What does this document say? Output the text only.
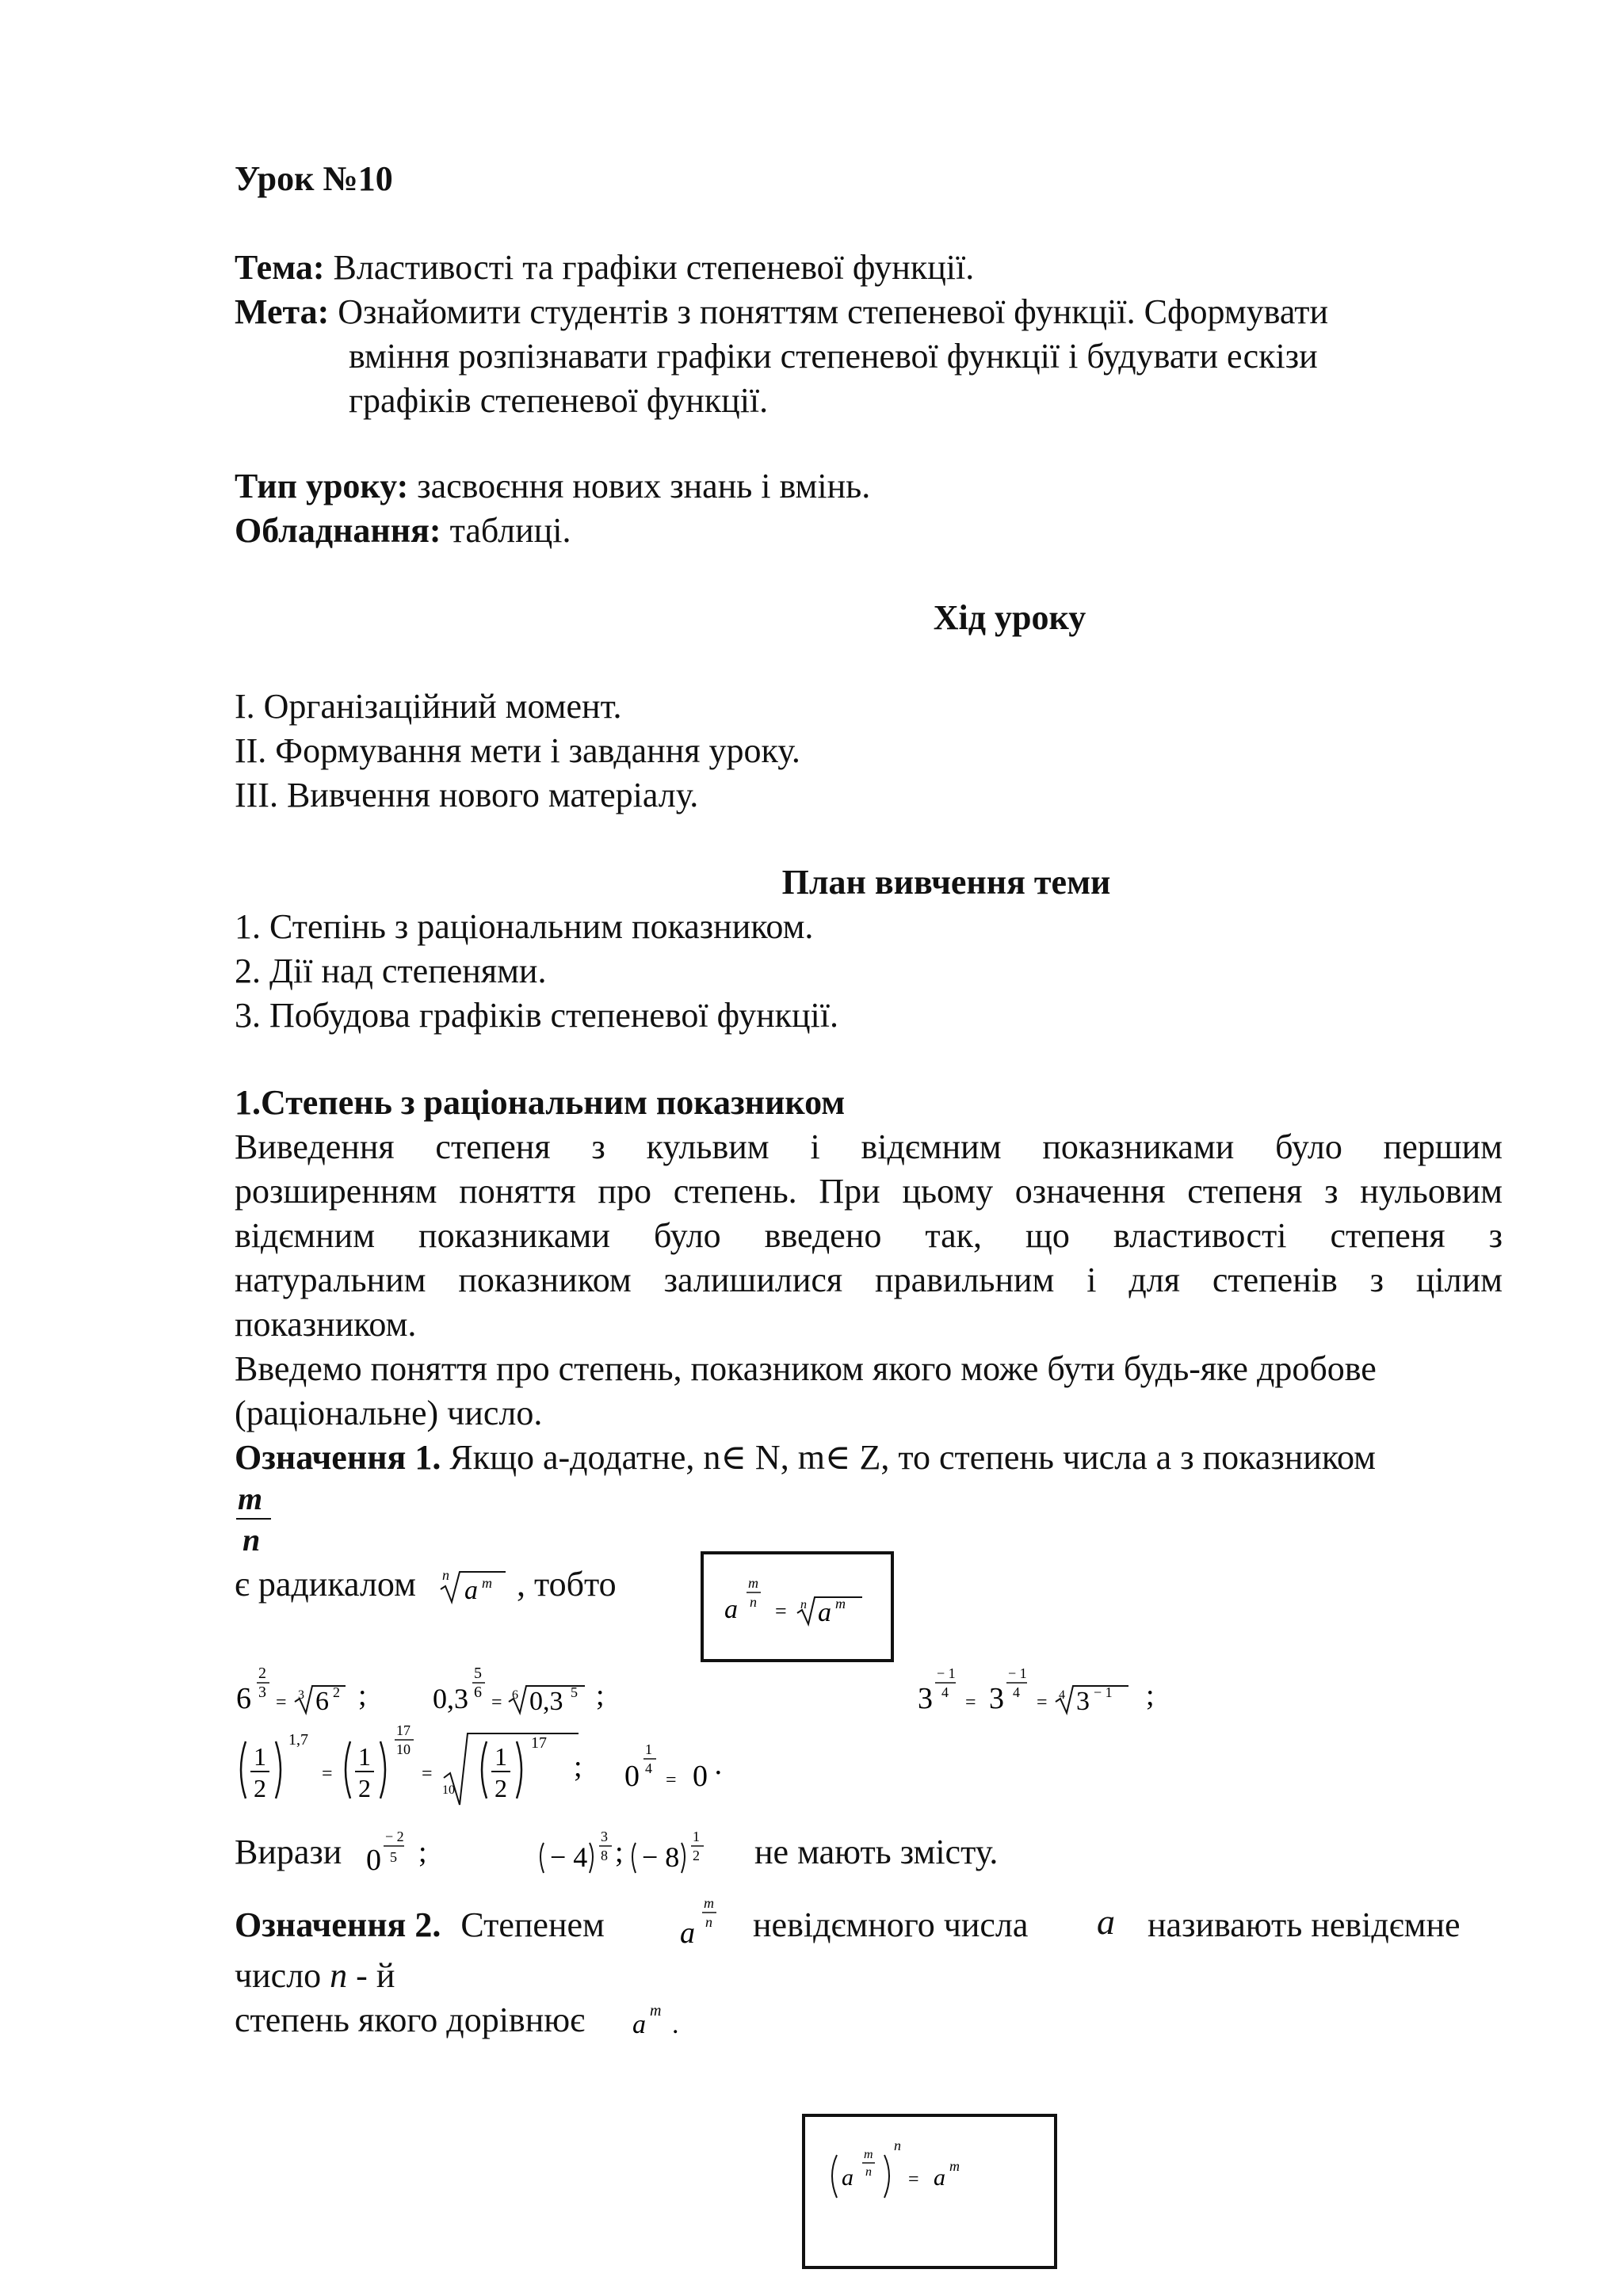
Урок №10
Тема: Властивості та графіки степеневої функції.
Мета: Ознайомити студентів з поняттям степеневої функції. Сформувати
вміння розпізнавати графіки степеневої функції і будувати ескізи
графіків степеневої функції.
Тип уроку: засвоєння нових знань і вмінь.
Обладнання: таблиці.
Хід уроку
I. Організаційний момент.
II. Формування мети і завдання уроку.
III. Вивчення нового матеріалу.
План вивчення теми
1. Степінь з раціональним показником.
2. Дії над степенями.
3. Побудова графіків степеневої функції.
1.Степень з раціональним показником
Виведення степеня з кульвим і відємним показниками було першим
розширенням поняття про степень. При цьому означення степеня з нульовим
відємним показниками було введено так, що властивості степеня з
натуральним показником залишилися правильним і для степенів з цілим
показником.
Введемо поняття про степень, показником якого може бути будь-яке дробове
(раціональне) число.
Означення 1. Якщо а-додатне, n∈ N, m∈ Z, то степень числа а з показником
m
n
є радикалом n
a m , тобто
a
m
n = n a m
6
2
3 = 3 6 2 ; 0,3
5
6 = 6 0,3 5 ;	3
− 1
4 = 3
− 1
4 = 4 3 − 1 ;
1
2
1,7
=
1
2
17
10
=
10
1
2
17
; 0
1
4
= 0 ·
Вирази 0
− 2
5 ;	− 4
3
8 ; − 8
1
2 не мають змісту.
Означення 2. Степенем	a
m
n невідємного числа a називають невідємне
число n - й
степень якого дорівнює a m .
a
m
n
n
= a m
